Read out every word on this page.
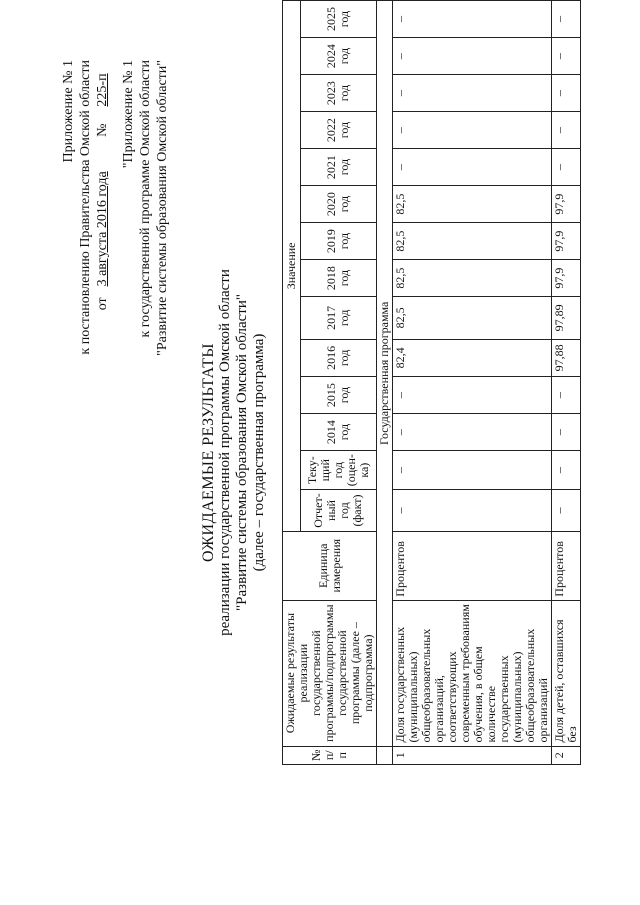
Приложение № 1 к постановлению Правительства Омской области от 3 августа 2016 года  № 225-п "Приложение № 1 к государственной программе Омской области "Развитие системы образования Омской области"
ОЖИДАЕМЫЕ РЕЗУЛЬТАТЫ реализации государственной программы Омской области "Развитие системы образования Омской области" (далее – государственная программа)
№ п/п	Ожидаемые результаты реализации государственной программы/подпрограммы государственной программы (далее – подпрограмма)	Единица измерения	Значение													
			Отчет-ный год (факт)	Теку-щий год (оцен-ка)	2014 год	2015 год	2016 год	2017 год	2018 год	2019 год	2020 год	2021 год	2022 год	2023 год	2024 год	2025 год
	Государственная программа															
1	Доля государственных (муниципальных) общеобразовательных организаций, соответствующих современным требованиям обучения, в общем количестве государственных (муниципальных) общеобразовательных организаций	Процентов	–	–	–	–	82,4	82,5	82,5	82,5	82,5	–	–	–	–	–
2	Доля детей, оставшихся без	Процентов	–	–	–	–	97,88	97,89	97,9	97,9	97,9	–	–	–	–	–
